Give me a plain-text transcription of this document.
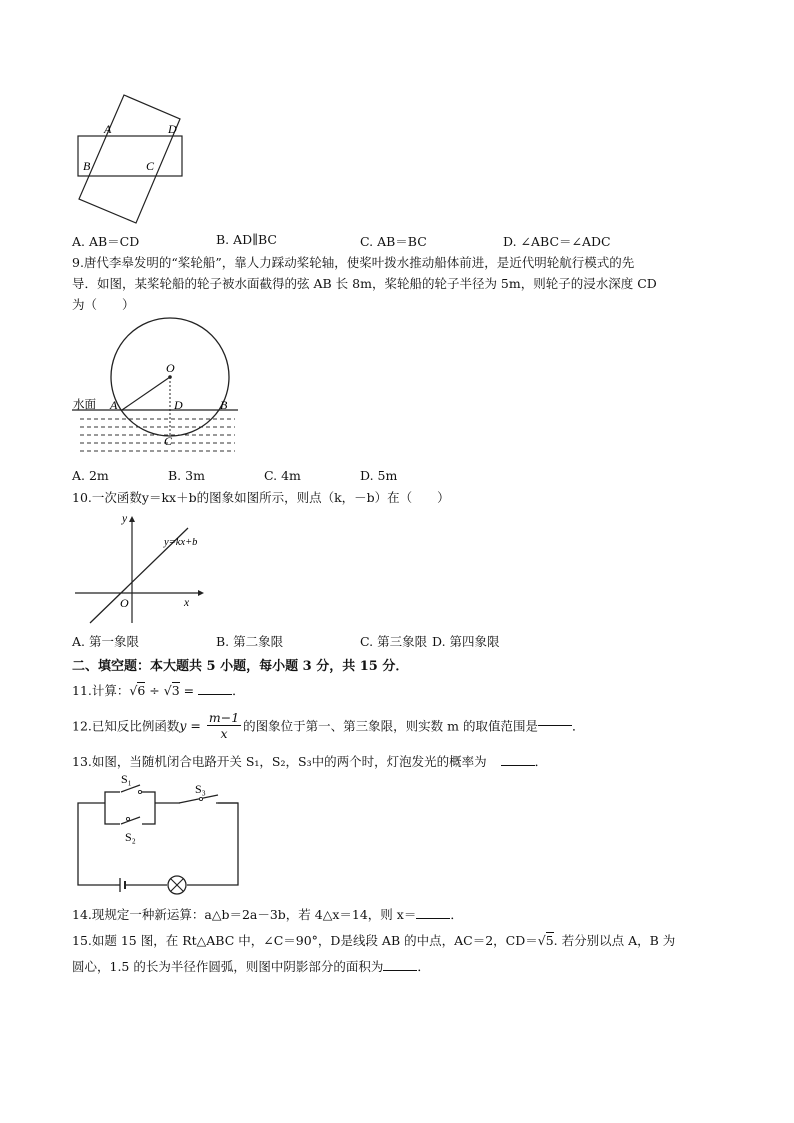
A	D
B	C
A. AB＝CD	B. AD∥BC	C. AB＝BC	D. ∠ABC＝∠ADC
9.唐代李皋发明的“桨轮船”，靠人力踩动桨轮轴，使桨叶拨水推动船体前进，是近代明轮航行模式的先
导．如图，某桨轮船的轮子被水面截得的弦 AB 长 8m，桨轮船的轮子半径为 5m，则轮子的浸水深度 CD
为（　　）
水面
O
A	B
D
C
A. 2m	B. 3m	C. 4m	D. 5m
10.一次函数y＝kx＋b的图象如图所示，则点（k，－b）在（　　）
y
x
O
y=kx+b
A. 第一象限	B. 第二象限	C. 第三象限 D. 第四象限
二、填空题：本大题共 5 小题，每小题 3 分，共 15 分．
11.计算：√6 ÷ √3 =	．
12.已知反比例函数$y = \frac{m-1}{x}$ 的图象位于第一、第三象限，则实数 m 的取值范围是	．
13.如图，当随机闭合电路开关 S₁，S₂，S₃中的两个时，灯泡发光的概率为	．
S₁
S₂
S₃
14.现规定一种新运算：a△b＝2a－3b，若 4△x＝14，则 x＝	．
15.如题 15 图，在 Rt△ABC 中，∠C＝90°，D是线段 AB 的中点，AC＝2，CD＝√5. 若分别以点 A，B 为
圆心，1.5 的长为半径作圆弧，则图中阴影部分的面积为	．
